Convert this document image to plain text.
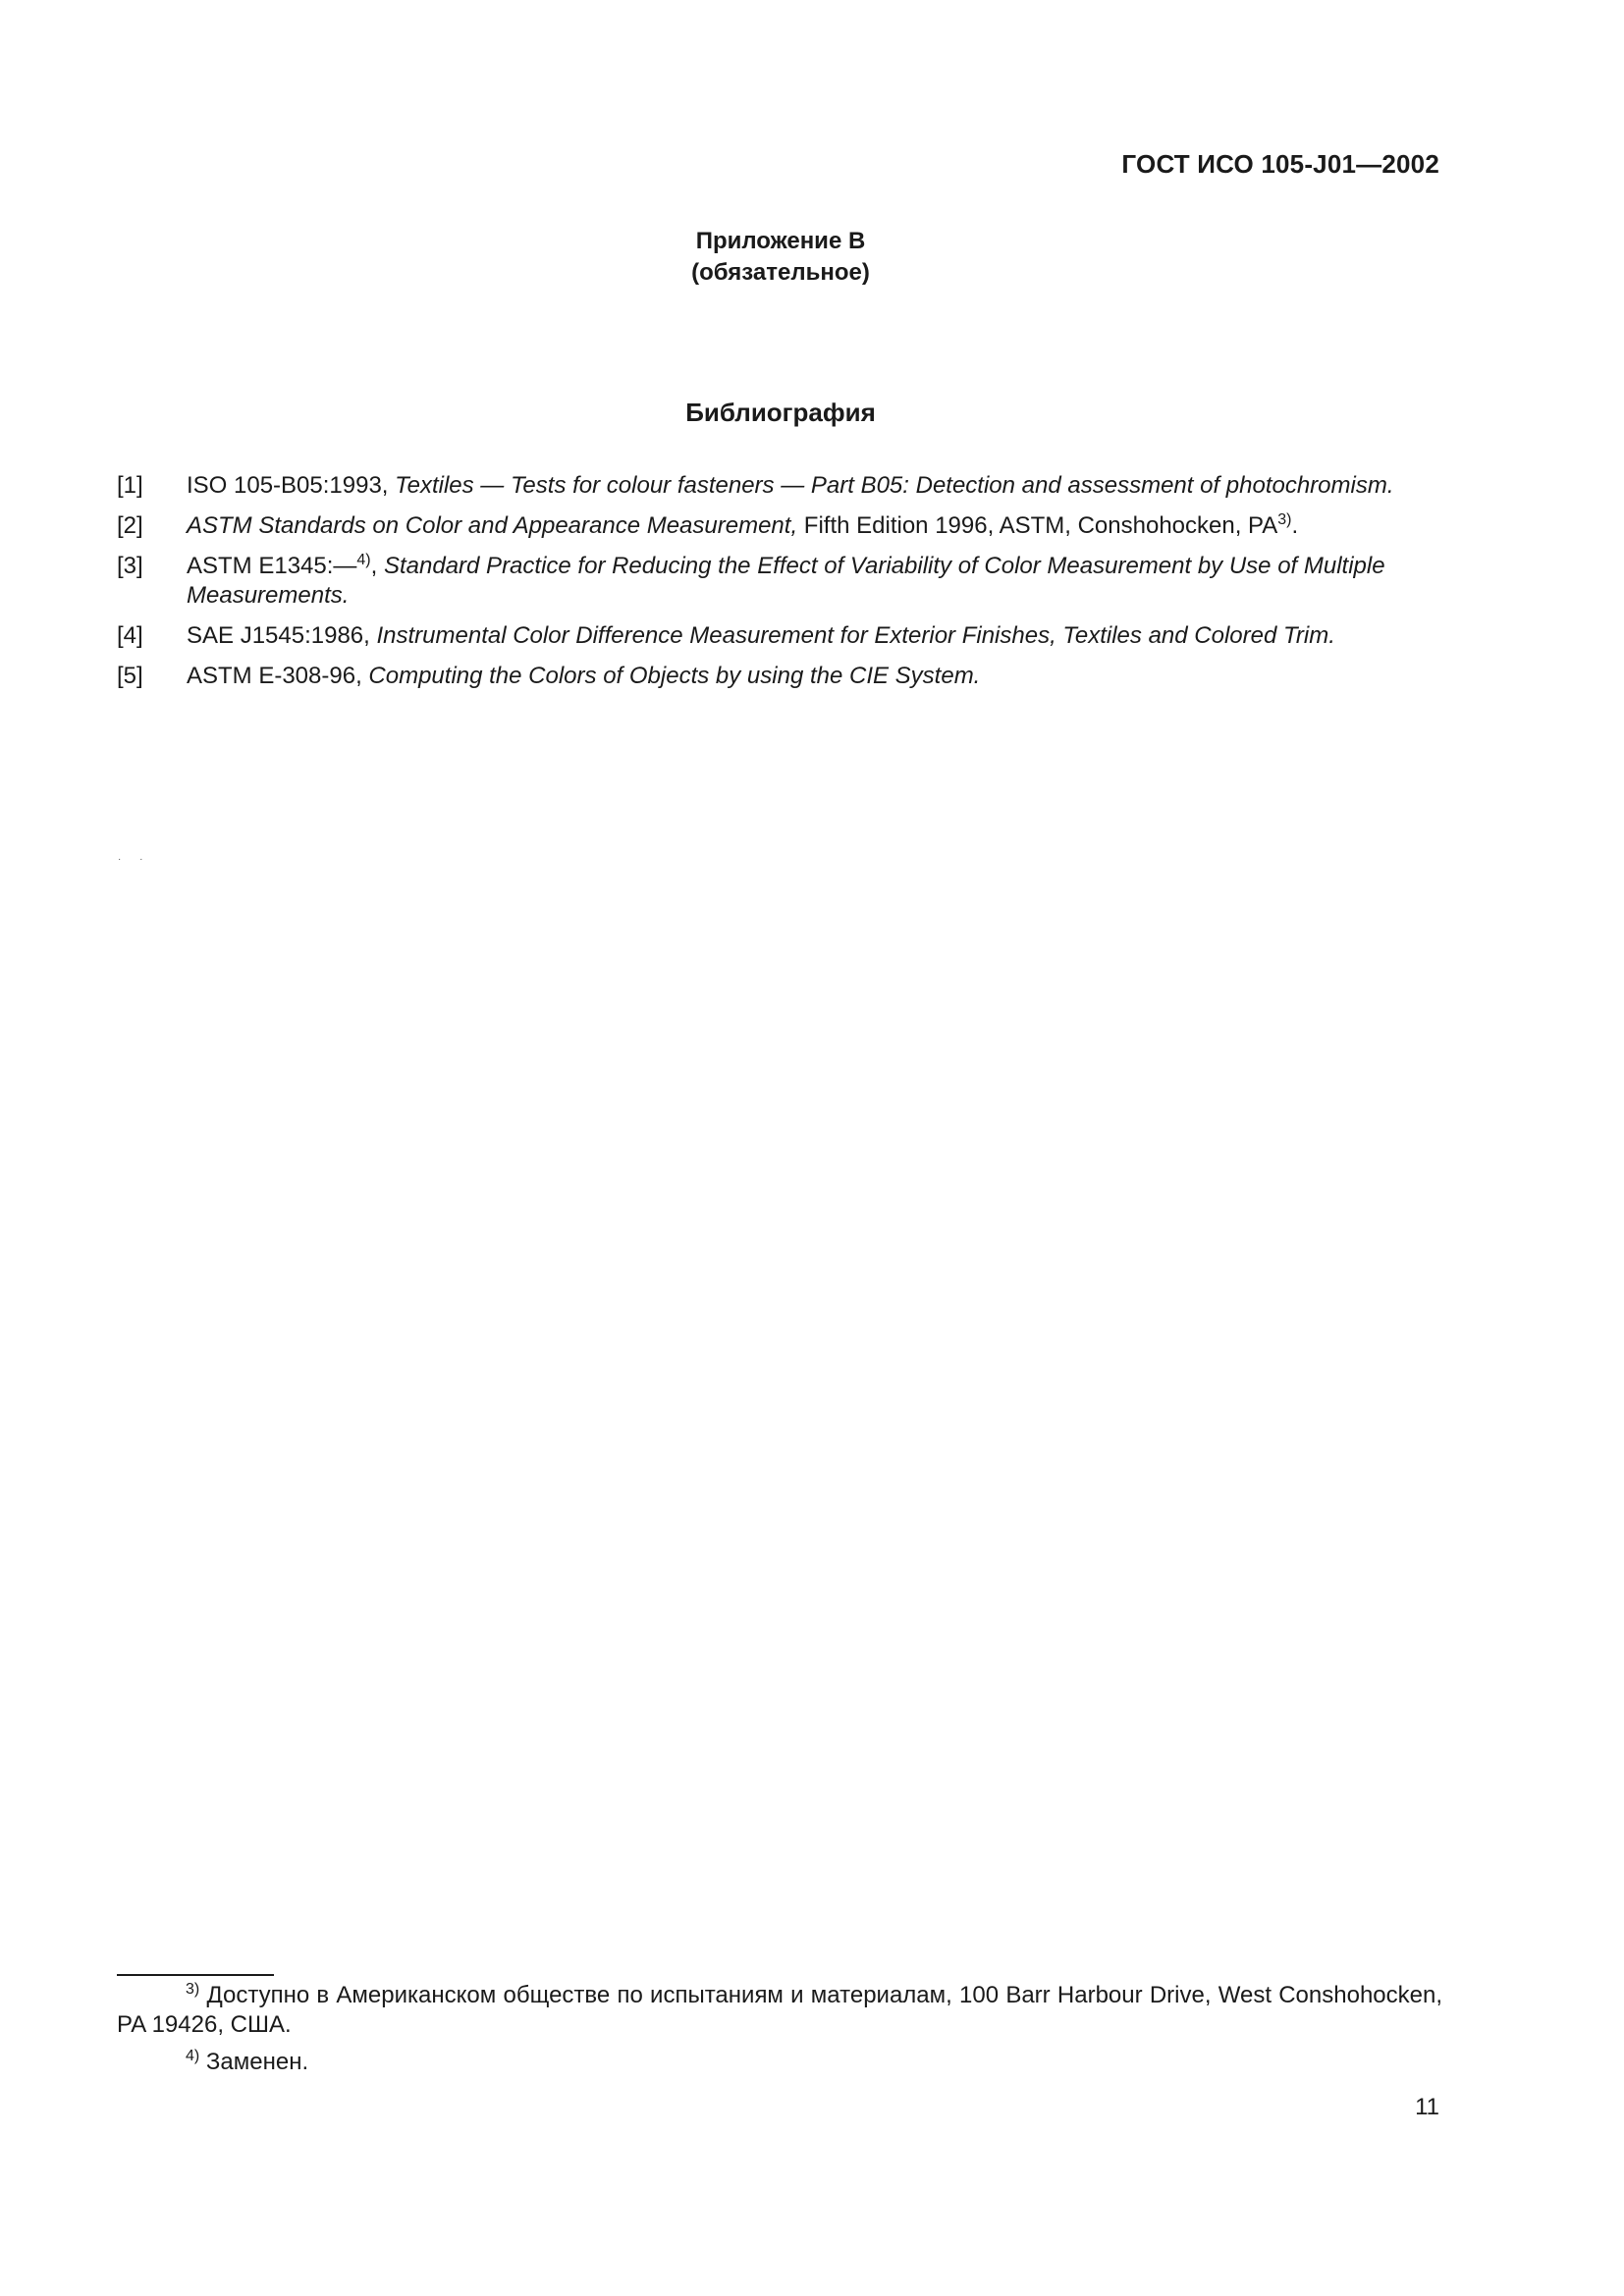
ГОСТ ИСО 105-J01—2002
Приложение В
(обязательное)
Библиография
[1] ISO 105-B05:1993, Textiles — Tests for colour fasteners — Part B05: Detection and assessment of photochromism.
[2] ASTM Standards on Color and Appearance Measurement, Fifth Edition 1996, ASTM, Conshohocken, PA$^{3)}$.
[3] ASTM E1345:—$^{4)}$, Standard Practice for Reducing the Effect of Variability of Color Measurement by Use of Multiple Measurements.
[4] SAE J1545:1986, Instrumental Color Difference Measurement for Exterior Finishes, Textiles and Colored Trim.
[5] ASTM E-308-96, Computing the Colors of Objects by using the CIE System.
· ·

$^{3)}$ Доступно в Американском обществе по испытаниям и материалам, 100 Barr Harbour Drive, West Conshohocken, PA 19426, США.

$^{4)}$ Заменен.

11
